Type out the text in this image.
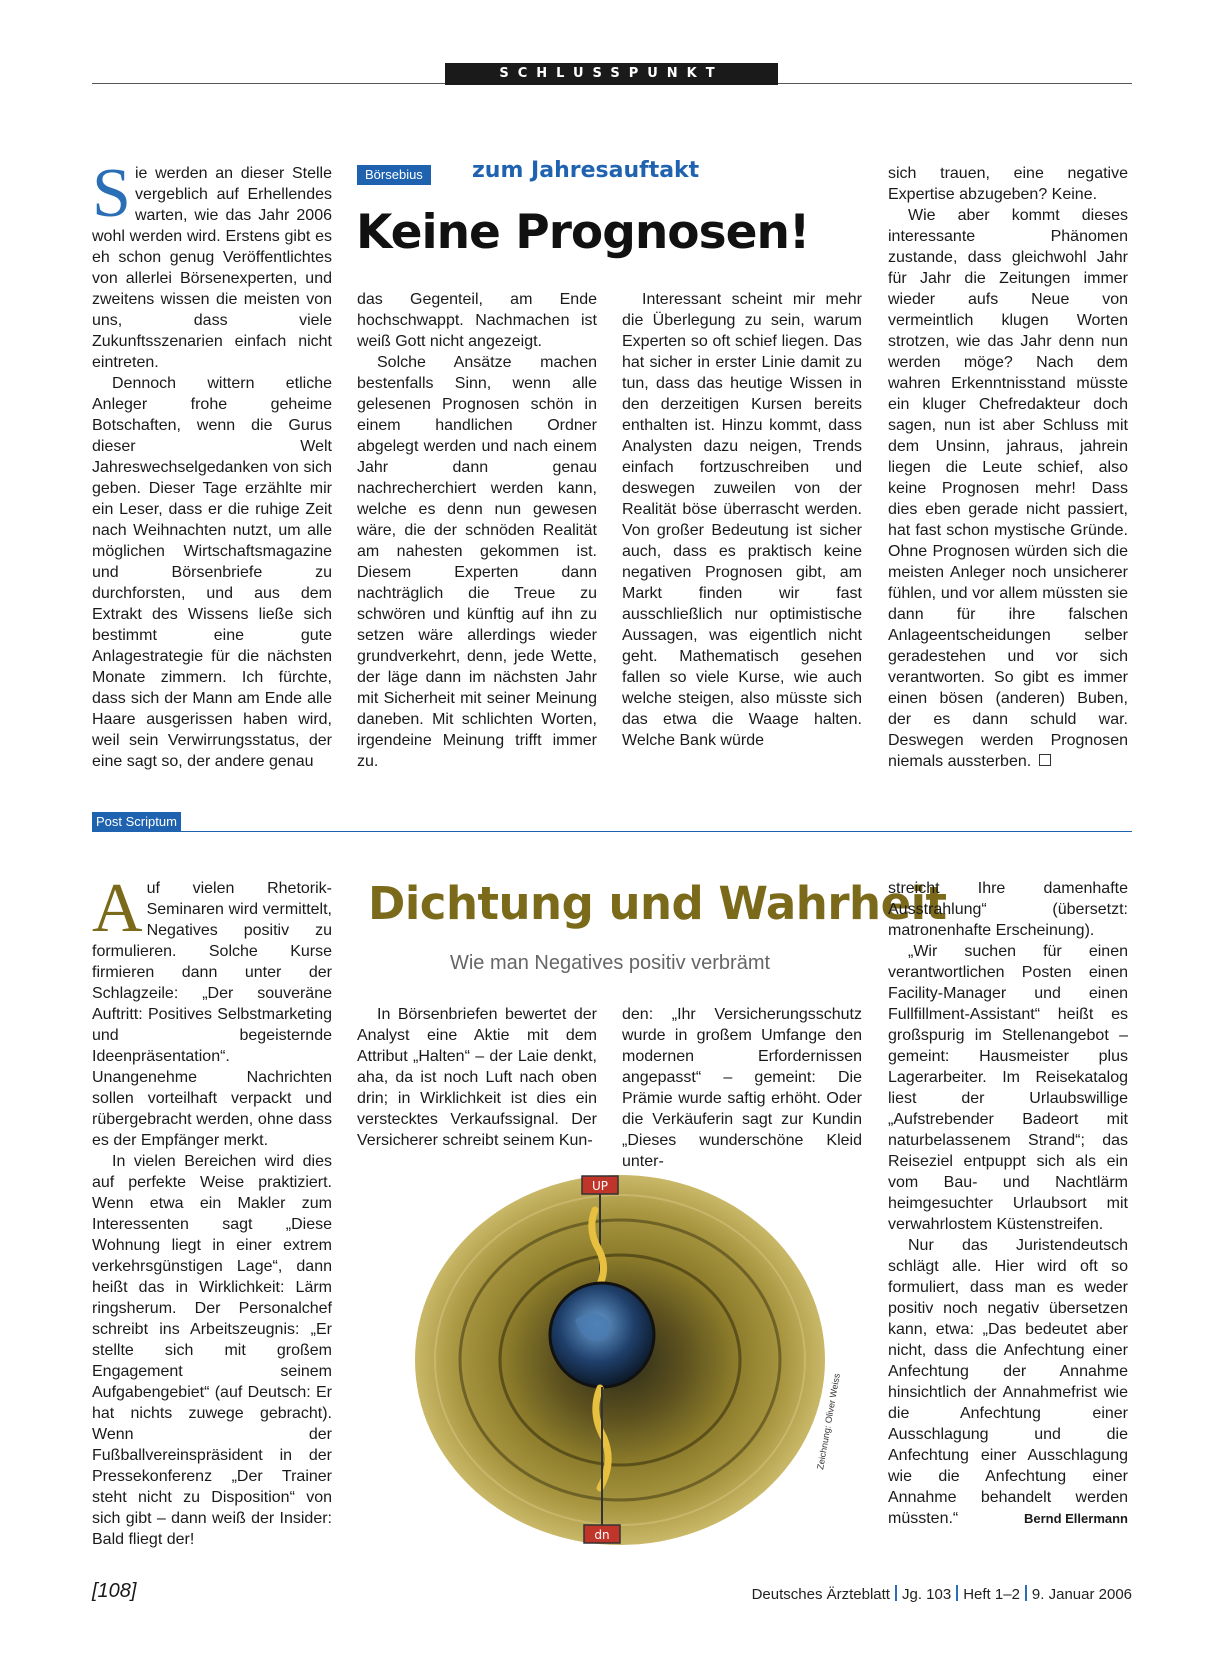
SCHLUSSPUNKT
Börsebius	zum Jahresauftakt
Keine Prognosen!

Sie werden an dieser Stelle vergeblich auf Erhellendes warten, wie das Jahr 2006 wohl werden wird. Erstens gibt es eh schon genug Veröffentlichtes von allerlei Börsenexperten, und zweitens wissen die meisten von uns, dass viele Zukunftsszenarien einfach nicht eintreten.

Dennoch wittern etliche Anleger frohe geheime Botschaften, wenn die Gurus dieser Welt Jahreswechselgedanken von sich geben. Dieser Tage erzählte mir ein Leser, dass er die ruhige Zeit nach Weihnachten nutzt, um alle möglichen Wirtschaftsmagazine und Börsenbriefe zu durchforsten, und aus dem Extrakt des Wissens ließe sich bestimmt eine gute Anlagestrategie für die nächsten Monate zimmern. Ich fürchte, dass sich der Mann am Ende alle Haare ausgerissen haben wird, weil sein Verwirrungsstatus, der eine sagt so, der andere genau

das Gegenteil, am Ende hochschwappt. Nachmachen ist weiß Gott nicht angezeigt.

Solche Ansätze machen bestenfalls Sinn, wenn alle gelesenen Prognosen schön in einem handlichen Ordner abgelegt werden und nach einem Jahr dann genau nachrecherchiert werden kann, welche es denn nun gewesen wäre, die der schnöden Realität am nahesten gekommen ist. Diesem Experten dann nachträglich die Treue zu schwören und künftig auf ihn zu setzen wäre allerdings wieder grundverkehrt, denn, jede Wette, der läge dann im nächsten Jahr mit Sicherheit mit seiner Meinung daneben. Mit schlichten Worten, irgendeine Meinung trifft immer zu.

Interessant scheint mir mehr die Überlegung zu sein, warum Experten so oft schief liegen. Das hat sicher in erster Linie damit zu tun, dass das heutige Wissen in den derzeitigen Kursen bereits enthalten ist. Hinzu kommt, dass Analysten dazu neigen, Trends einfach fortzuschreiben und deswegen zuweilen von der Realität böse überrascht werden. Von großer Bedeutung ist sicher auch, dass es praktisch keine negativen Prognosen gibt, am Markt finden wir fast ausschließlich nur optimistische Aussagen, was eigentlich nicht geht. Mathematisch gesehen fallen so viele Kurse, wie auch welche steigen, also müsste sich das etwa die Waage halten. Welche Bank würde

sich trauen, eine negative Expertise abzugeben? Keine.

Wie aber kommt dieses interessante Phänomen zustande, dass gleichwohl Jahr für Jahr die Zeitungen immer wieder aufs Neue von vermeintlich klugen Worten strotzen, wie das Jahr denn nun werden möge? Nach dem wahren Erkenntnisstand müsste ein kluger Chefredakteur doch sagen, nun ist aber Schluss mit dem Unsinn, jahraus, jahrein liegen die Leute schief, also keine Prognosen mehr! Dass dies eben gerade nicht passiert, hat fast schon mystische Gründe. Ohne Prognosen würden sich die meisten Anleger noch unsicherer fühlen, und vor allem müssten sie dann für ihre falschen Anlageentscheidungen selber geradestehen und vor sich verantworten. So gibt es immer einen bösen (anderen) Buben, der es dann schuld war. Deswegen werden Prognosen niemals aussterben.

Post Scriptum
Dichtung und Wahrheit
Wie man Negatives positiv verbrämt

Auf vielen Rhetorik-Seminaren wird vermittelt, Negatives positiv zu formulieren. Solche Kurse firmieren dann unter der Schlagzeile: „Der souveräne Auftritt: Positives Selbstmarketing und begeisternde Ideenpräsentation“. Unangenehme Nachrichten sollen vorteilhaft verpackt und rübergebracht werden, ohne dass es der Empfänger merkt.

In vielen Bereichen wird dies auf perfekte Weise praktiziert. Wenn etwa ein Makler zum Interessenten sagt „Diese Wohnung liegt in einer extrem verkehrsgünstigen Lage“, dann heißt das in Wirklichkeit: Lärm ringsherum. Der Personalchef schreibt ins Arbeitszeugnis: „Er stellte sich mit großem Engagement seinem Aufgabengebiet“ (auf Deutsch: Er hat nichts zuwege gebracht). Wenn der Fußballvereinspräsident in der Pressekonferenz „Der Trainer steht nicht zu Disposition“ von sich gibt – dann weiß der Insider: Bald fliegt der!

In Börsenbriefen bewertet der Analyst eine Aktie mit dem Attribut „Halten“ – der Laie denkt, aha, da ist noch Luft nach oben drin; in Wirklichkeit ist dies ein verstecktes Verkaufssignal. Der Versicherer schreibt seinem Kun-

den: „Ihr Versicherungsschutz wurde in großem Umfange den modernen Erfordernissen angepasst“ – gemeint: Die Prämie wurde saftig erhöht. Oder die Verkäuferin sagt zur Kundin „Dieses wunderschöne Kleid unter-

streicht Ihre damenhafte Ausstrahlung“ (übersetzt: matronenhafte Erscheinung).

„Wir suchen für einen verantwortlichen Posten einen Facility-Manager und einen Fullfillment-Assistant“ heißt es großspurig im Stellenangebot – gemeint: Hausmeister plus Lagerarbeiter. Im Reisekatalog liest der Urlaubswillige „Aufstrebender Badeort mit naturbelassenem Strand“; das Reiseziel entpuppt sich als ein vom Bau- und Nachtlärm heimgesuchter Urlaubsort mit verwahrlostem Küstenstreifen.

Nur das Juristendeutsch schlägt alle. Hier wird oft so formuliert, dass man es weder positiv noch negativ übersetzen kann, etwa: „Das bedeutet aber nicht, dass die Anfechtung einer Anfechtung der Annahme hinsichtlich der Annahmefrist wie die Anfechtung einer Ausschlagung und die Anfechtung einer Ausschlagung wie die Anfechtung einer Annahme behandelt werden müssten.“	Bernd Ellermann

UP
dn
Zeichnung: Oliver Weiss
[108]	Deutsches Ärzteblatt Jg. 103 Heft 1–2 9. Januar 2006
